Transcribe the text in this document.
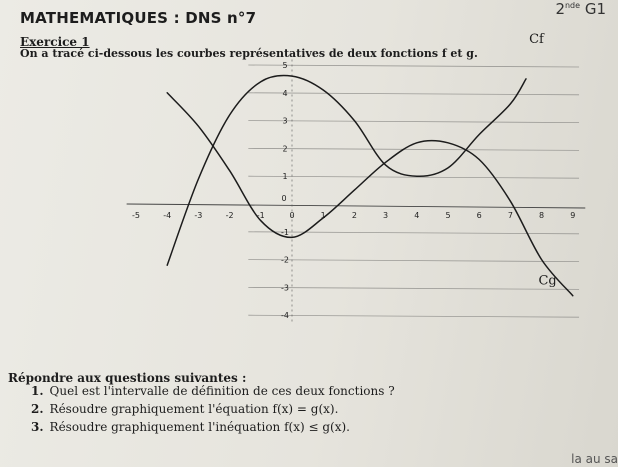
2nde G1
MATHEMATIQUES : DNS n°7
Exercice 1
On a tracé ci-dessous les courbes représentatives de deux fonctions f et g.
-5	-4	-3	-2	-1	0	1	2	3	4	5	6	7	8	9
5
4
3
2
1
0
-1
-2
-3
-4
Cf
Cg
Répondre aux questions suivantes :
1. Quel est l'intervalle de définition de ces deux fonctions ?
2. Résoudre graphiquement l'équation f(x) = g(x).
3. Résoudre graphiquement l'inéquation f(x) ≤ g(x).
la au sa
